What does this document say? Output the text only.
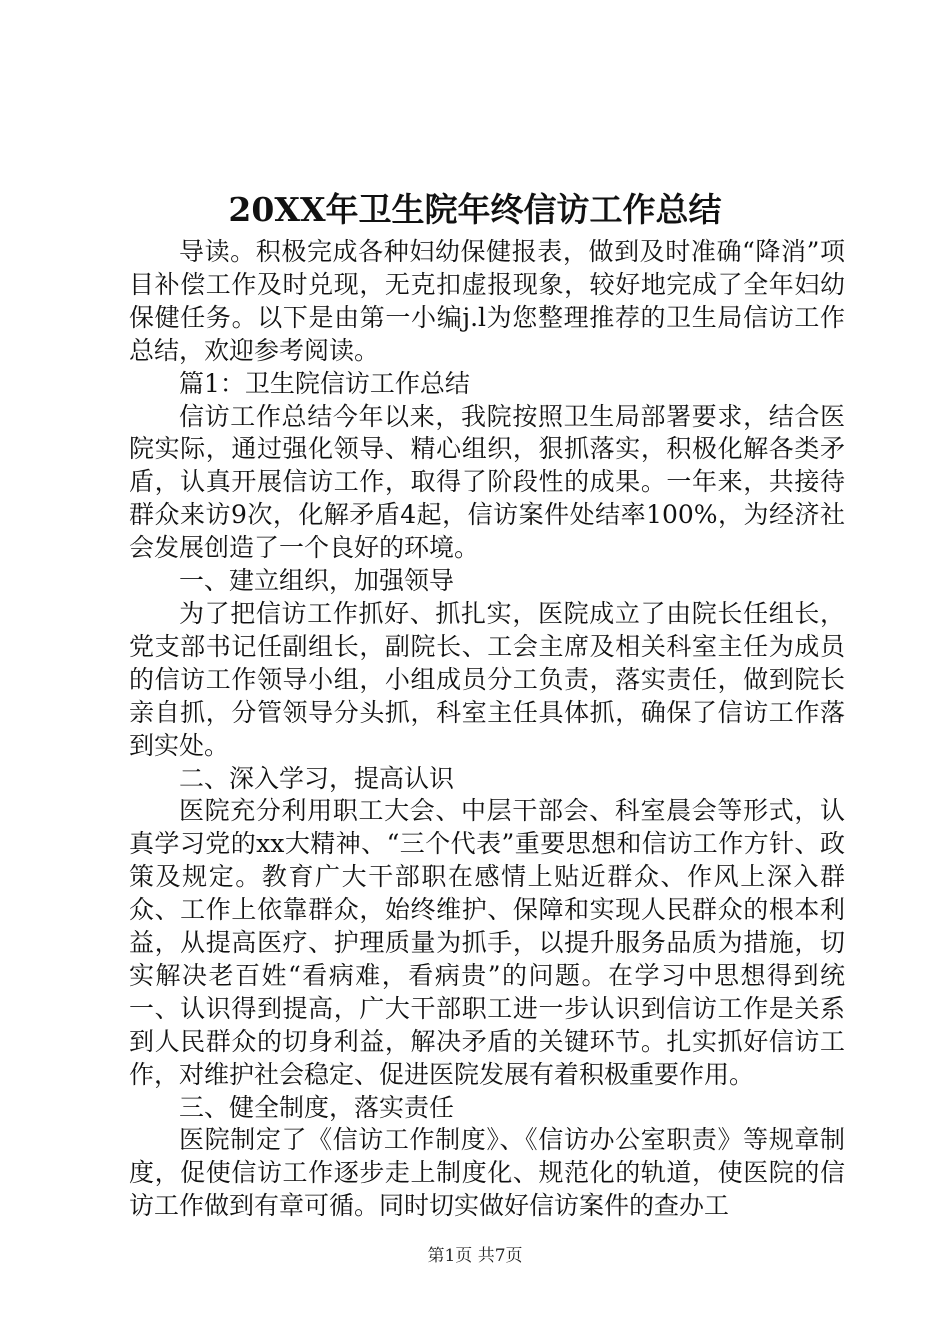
20XX年卫生院年终信访工作总结

导读。积极完成各种妇幼保健报表，做到及时准确“降消”项目补偿工作及时兑现，无克扣虚报现象，较好地完成了全年妇幼保健任务。以下是由第一小编j.l为您整理推荐的卫生局信访工作总结，欢迎参考阅读。

篇1：卫生院信访工作总结

信访工作总结今年以来，我院按照卫生局部署要求，结合医院实际，通过强化领导、精心组织，狠抓落实，积极化解各类矛盾，认真开展信访工作，取得了阶段性的成果。一年来，共接待群众来访9次，化解矛盾4起，信访案件处结率100%，为经济社会发展创造了一个良好的环境。

一、建立组织，加强领导

为了把信访工作抓好、抓扎实，医院成立了由院长任组长，党支部书记任副组长，副院长、工会主席及相关科室主任为成员的信访工作领导小组，小组成员分工负责，落实责任，做到院长亲自抓，分管领导分头抓，科室主任具体抓，确保了信访工作落到实处。

二、深入学习，提高认识

医院充分利用职工大会、中层干部会、科室晨会等形式，认真学习党的xx大精神、“三个代表”重要思想和信访工作方针、政策及规定。教育广大干部职在感情上贴近群众、作风上深入群众、工作上依靠群众，始终维护、保障和实现人民群众的根本利益，从提高医疗、护理质量为抓手，以提升服务品质为措施，切实解决老百姓“看病难，看病贵”的问题。在学习中思想得到统一、认识得到提高，广大干部职工进一步认识到信访工作是关系到人民群众的切身利益，解决矛盾的关键环节。扎实抓好信访工作，对维护社会稳定、促进医院发展有着积极重要作用。

三、健全制度，落实责任

医院制定了《信访工作制度》、《信访办公室职责》等规章制度，促使信访工作逐步走上制度化、规范化的轨道，使医院的信访工作做到有章可循。同时切实做好信访案件的查办工

第1页 共7页
